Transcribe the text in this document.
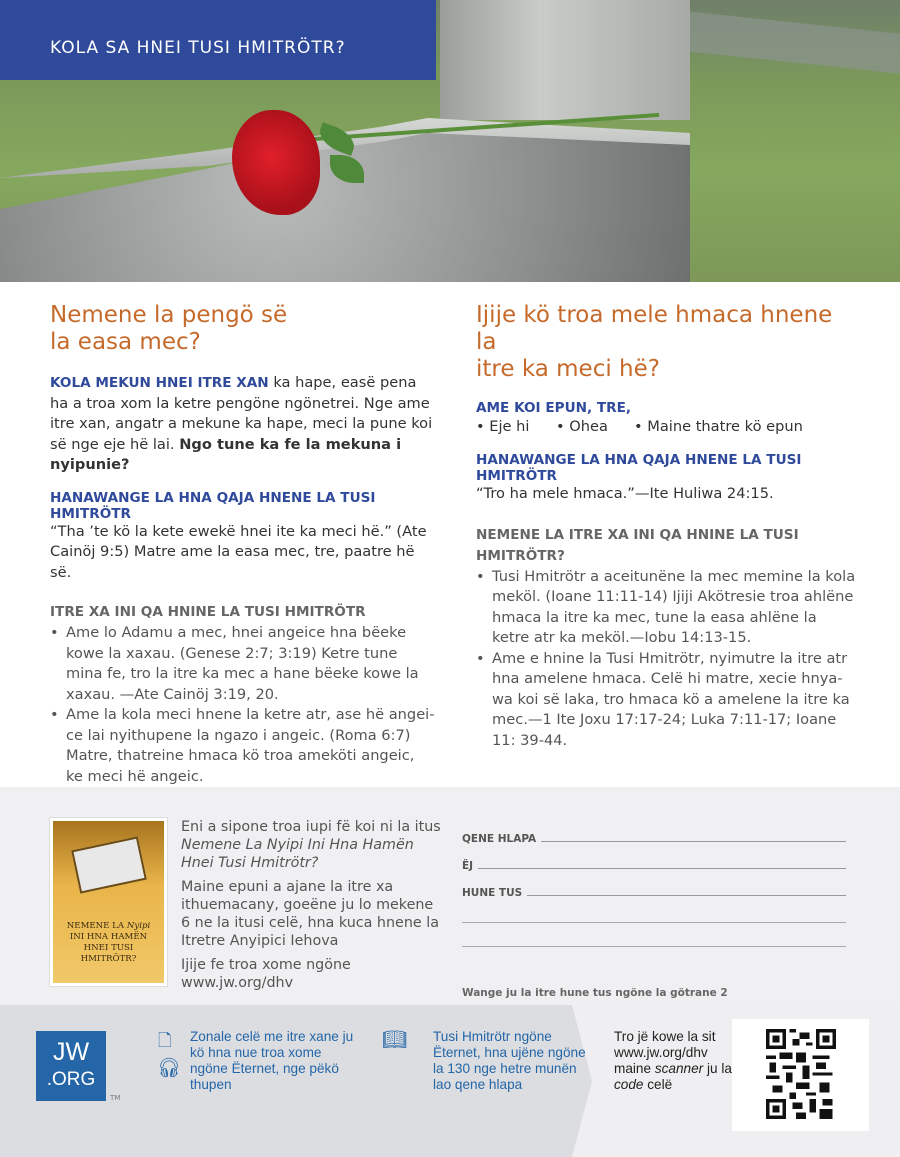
KOLA SA HNEI TUSI HMITRÖTR?
Nemene la pengö së
la easa mec?

KOLA MEKUN HNEI ITRE XAN ka hape, easë pena ha a troa xom la ketre pengöne ngönetrei. Nge ame itre xan, angatr a mekune ka hape, meci la pune koi së nge eje hë lai. Ngo tune ka fe la mekuna i nyipunie?

HANAWANGE LA HNA QAJA HNENE LA TUSI HMITRÖTR

“Tha ’te kö la kete ewekë hnei ite ka meci hë.” (Ate Cainöj 9:5) Matre ame la easa mec, tre, paatre hë së.

ITRE XA INI QA HNINE LA TUSI HMITRÖTR
• Ame lo Adamu a mec, hnei angeice hna bëeke kowe la xaxau. (Genese 2:7; 3:19) Ketre tune mina fe, tro la itre ka mec a hane bëeke kowe la xaxau. —Ate Cainöj 3:19, 20.
• Ame la kola meci hnene la ketre atr, ase hë angei-ce lai nyithupene la ngazo i angeic. (Roma 6:7) Matre, thatreine hmaca kö troa ameköti angeic, ke meci hë angeic.
Ijije kö troa mele hmaca hnene la
itre ka meci hë?
AME KOI EPUN, TRE,
• Eje hi	• Ohea	• Maine thatre kö epun
HANAWANGE LA HNA QAJA HNENE LA TUSI HMITRÖTR

“Tro ha mele hmaca.”—Ite Huliwa 24:15.

NEMENE LA ITRE XA INI QA HNINE LA TUSI HMITRÖTR?
• Tusi Hmitrötr a aceitunëne la mec memine la kola meköl. (Ioane 11:11-14) Ijiji Akötresie troa ahlëne hmaca la itre ka mec, tune la easa ahlëne la ketre atr ka meköl.—Iobu 14:13-15.
• Ame e hnine la Tusi Hmitrötr, nyimutre la itre atr hna amelene hmaca. Celë hi matre, xecie hnya-wa koi së laka, tro hmaca kö a amelene la itre ka mec.—1 Ite Joxu 17:17-24; Luka 7:11-17; Ioane 11: 39-44.
NEMENE LA Nyipi INI HNA HAMËN HNEI TUSI HMITRÖTR?

Eni a sipone troa iupi fë koi ni la itus Nemene La Nyipi Ini Hna Hamën Hnei Tusi Hmitrötr?

Maine epuni a ajane la itre xa ithuemacany, goeëne ju lo mekene 6 ne la itusi celë, hna kuca hnene la Itretre Anyipici Iehova

Ijije fe troa xome ngöne www.jw.org/dhv

QENE HLAPA
ËJ
HUNE TUS
Wange ju la itre hune tus ngöne la götrane 2
JW
.ORG
TM
🗋
🎧︎
Zonale celë me itre xane ju kö hna nue troa xome ngöne Ëternet, nge pëkö thupen
📖︎ Tusi Hmitrötr ngöne Ëternet, hna ujëne ngöne la 130 nge hetre munën lao qene hlapa
Tro jë kowe la sit www.jw.org/dhv maine scanner ju la code celë
